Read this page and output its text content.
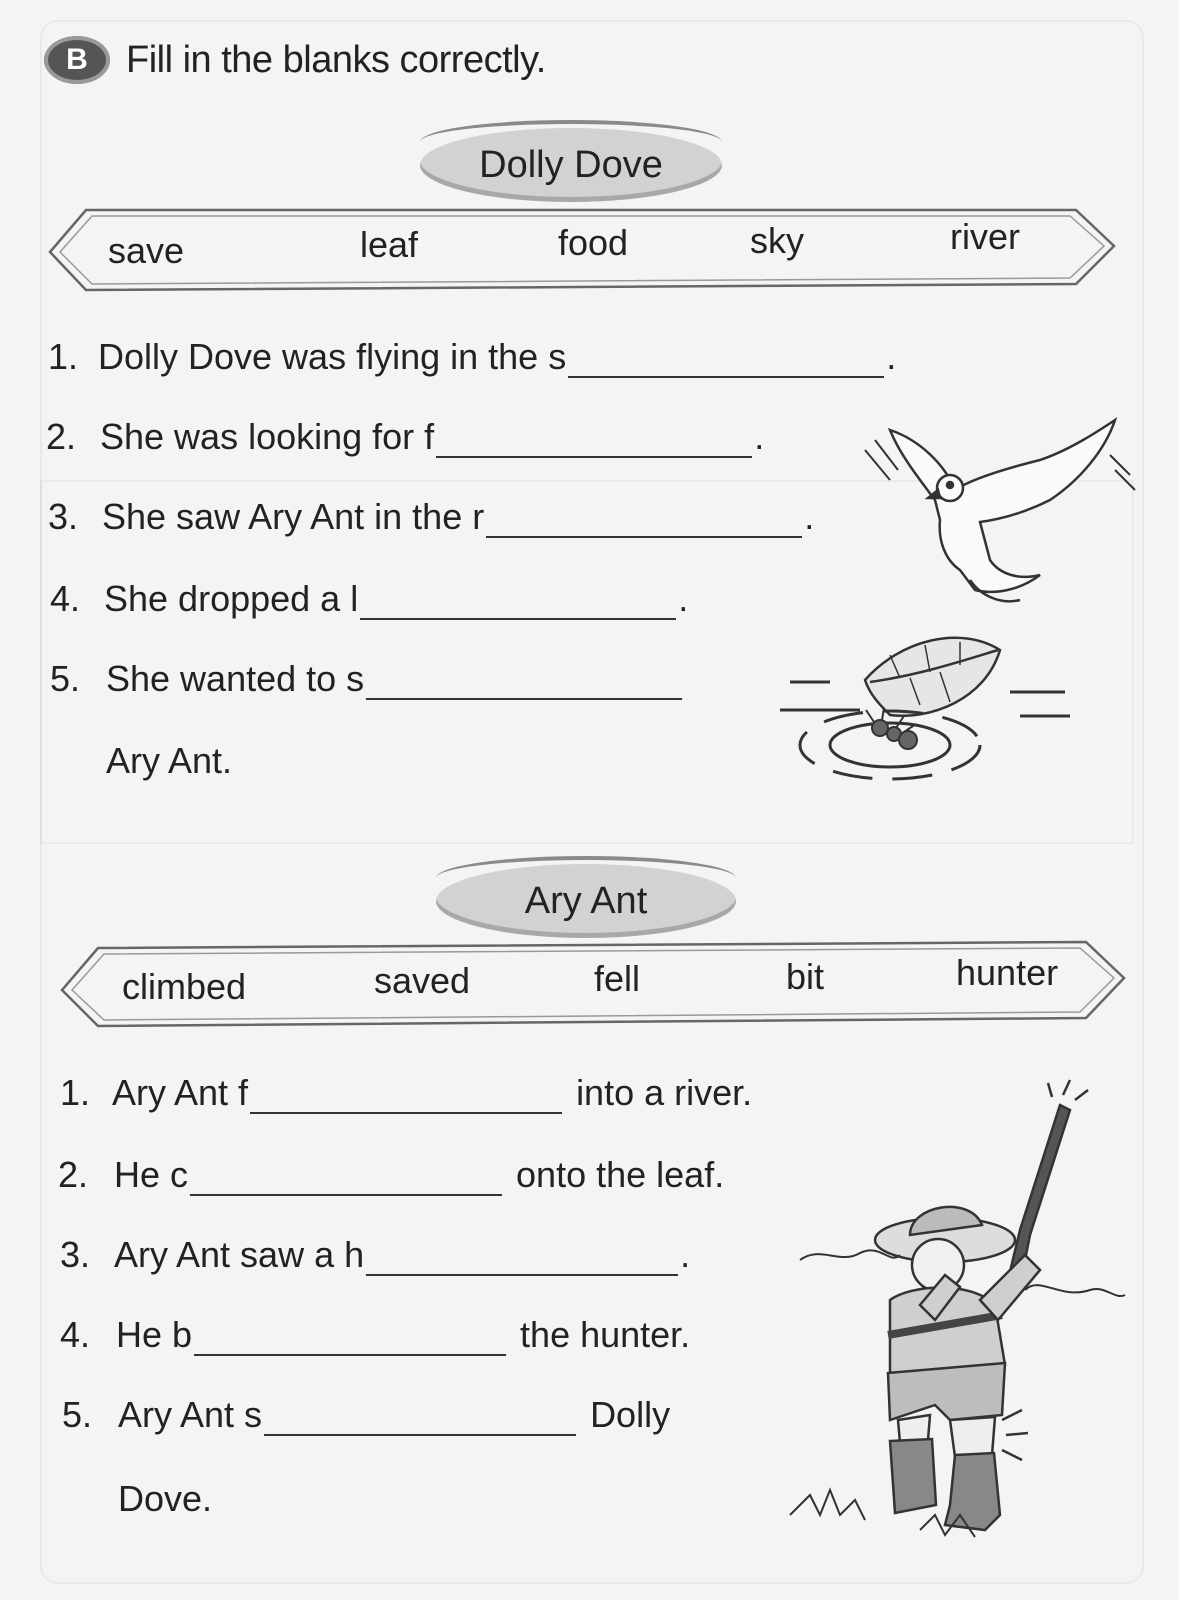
B	Fill in the blanks correctly.
Dolly Dove
save	leaf	food	sky	river
1. Dolly Dove was flying in the s	.
2. She was looking for f	.
3. She saw Ary Ant in the r	.
4. She dropped a l	.
5. She wanted to s
Ary Ant.
Ary Ant
climbed	saved	fell	bit	hunter
1. Ary Ant f	into a river.
2. He c	onto the leaf.
3. Ary Ant saw a h	.
4. He b	the hunter.
5. Ary Ant s	Dolly
Dove.
